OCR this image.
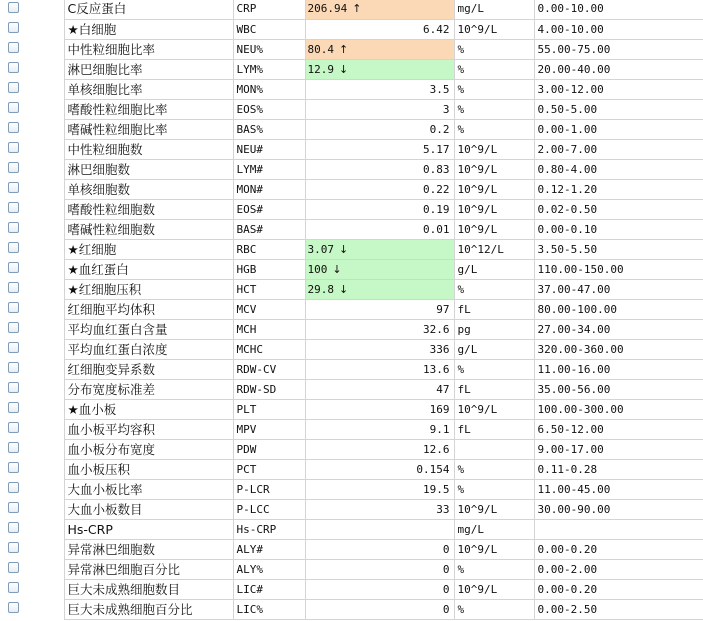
		C反应蛋白	CRP	206.94 ↑	mg/L	0.00-10.00
		★白细胞	WBC	6.42	10^9/L	4.00-10.00
		中性粒细胞比率	NEU%	80.4 ↑	%	55.00-75.00
		淋巴细胞比率	LYM%	12.9 ↓	%	20.00-40.00
		单核细胞比率	MON%	3.5	%	3.00-12.00
		嗜酸性粒细胞比率	EOS%	3	%	0.50-5.00
		嗜碱性粒细胞比率	BAS%	0.2	%	0.00-1.00
		中性粒细胞数	NEU#	5.17	10^9/L	2.00-7.00
		淋巴细胞数	LYM#	0.83	10^9/L	0.80-4.00
		单核细胞数	MON#	0.22	10^9/L	0.12-1.20
		嗜酸性粒细胞数	EOS#	0.19	10^9/L	0.02-0.50
		嗜碱性粒细胞数	BAS#	0.01	10^9/L	0.00-0.10
		★红细胞	RBC	3.07 ↓	10^12/L	3.50-5.50
		★血红蛋白	HGB	100 ↓	g/L	110.00-150.00
		★红细胞压积	HCT	29.8 ↓	%	37.00-47.00
		红细胞平均体积	MCV	97	fL	80.00-100.00
		平均血红蛋白含量	MCH	32.6	pg	27.00-34.00
		平均血红蛋白浓度	MCHC	336	g/L	320.00-360.00
		红细胞变异系数	RDW-CV	13.6	%	11.00-16.00
		分布宽度标准差	RDW-SD	47	fL	35.00-56.00
		★血小板	PLT	169	10^9/L	100.00-300.00
		血小板平均容积	MPV	9.1	fL	6.50-12.00
		血小板分布宽度	PDW	12.6		9.00-17.00
		血小板压积	PCT	0.154	%	0.11-0.28
		大血小板比率	P-LCR	19.5	%	11.00-45.00
		大血小板数目	P-LCC	33	10^9/L	30.00-90.00
		Hs-CRP	Hs-CRP		mg/L	
		异常淋巴细胞数	ALY#	0	10^9/L	0.00-0.20
		异常淋巴细胞百分比	ALY%	0	%	0.00-2.00
		巨大未成熟细胞数目	LIC#	0	10^9/L	0.00-0.20
		巨大未成熟细胞百分比	LIC%	0	%	0.00-2.50
